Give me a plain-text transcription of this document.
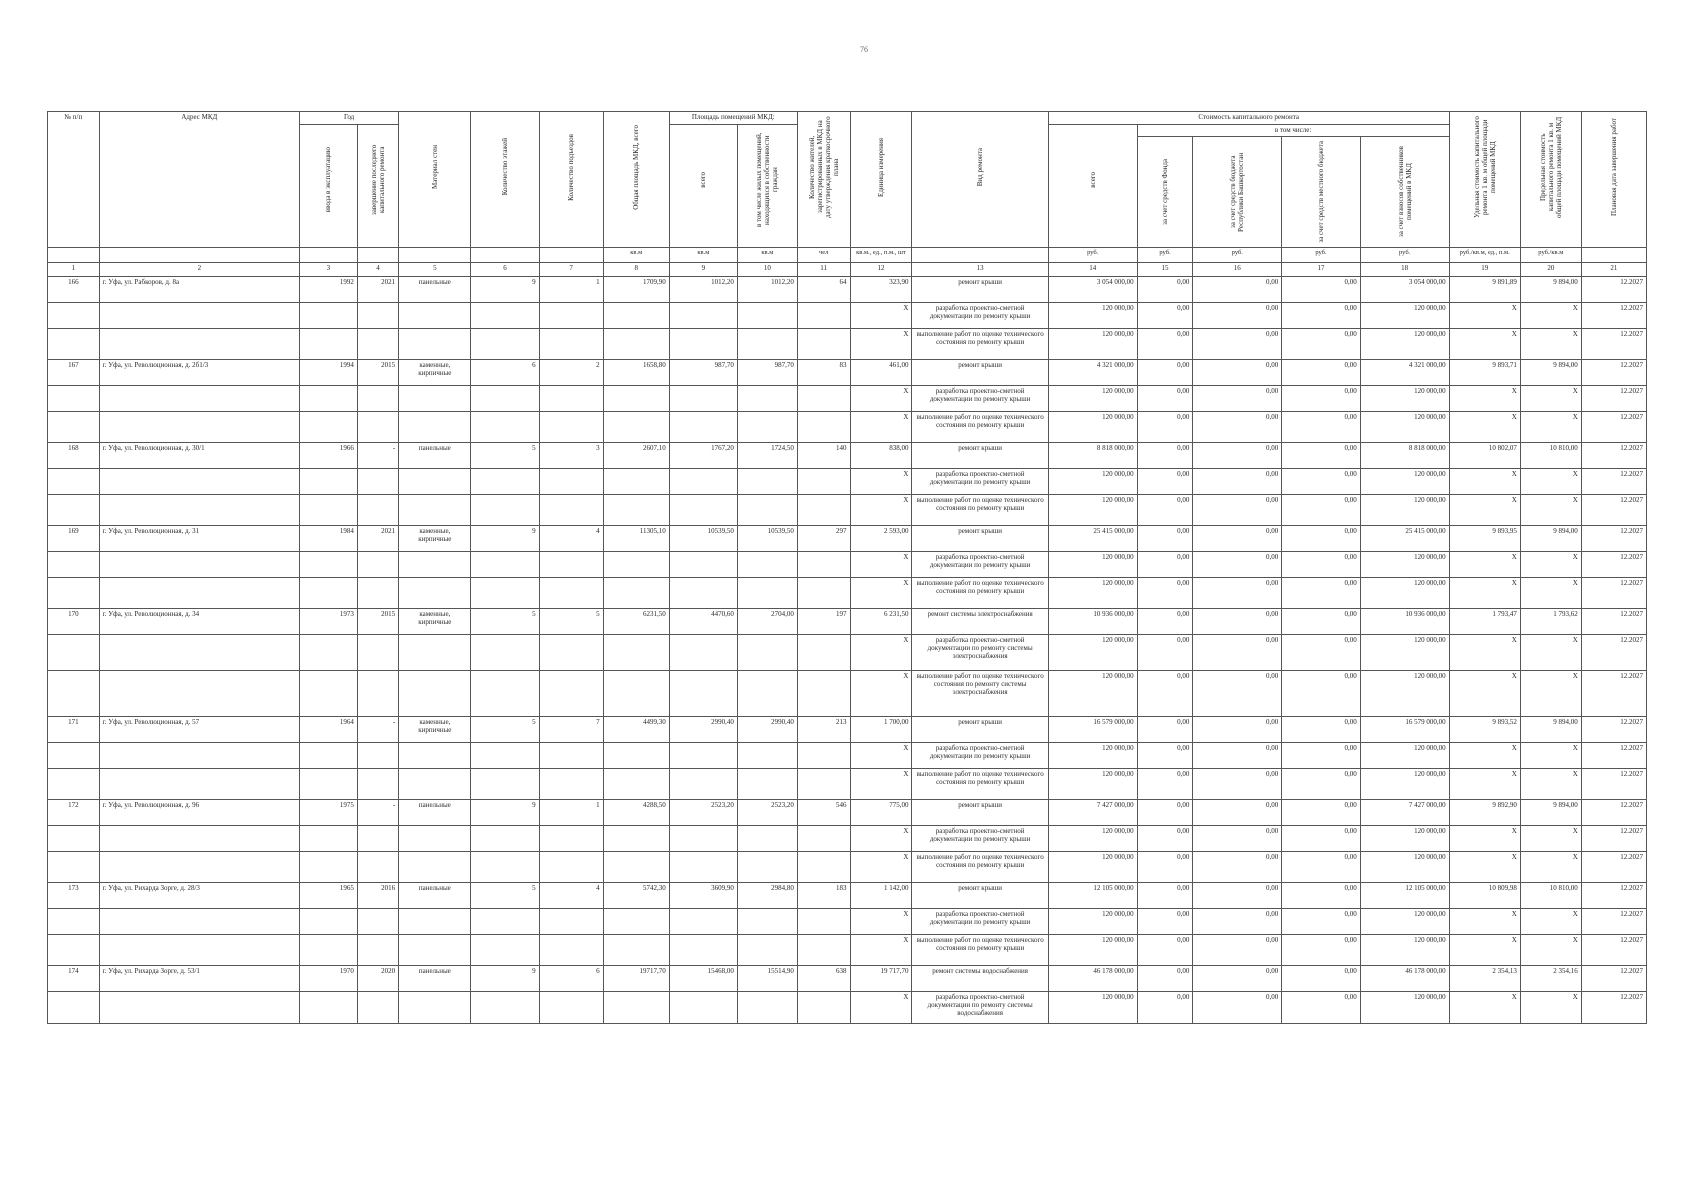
76
№ п/п	Адрес МКД	Год		Материал стен	Количество этажей	Количество подъездов	Общая площадь МКД, всего	Площадь помещений МКД:		Количество жителей, зарегистрированных в МКД на дату утверждения краткосрочного плана	Единица измерения	Вид ремонта	Стоимость капитального ремонта					Удельная стоимость капитального ремонта 1 кв. м общей площади помещений МКД	Предельная стоимость капитального ремонта 1 кв. м общей площади помещений МКД	Плановая дата завершения работ

		ввода в эксплуатацию	завершение последнего капитального ремонта					всего	в том числе жилых помещений, находящихся в собственности граждан				всего	в том числе:						

														за счет средств Фонда	за счет средств бюджета Республики Башкортостан	за счет средств местного бюджета	за счет взносов собственников помещений в МКД			

							кв.м	кв.м	кв.м	чел	кв.м., ед., п.м., шт		руб.	руб.	руб.	руб.	руб.	руб./кв.м, ед., п.м.	руб./кв.м	
1	2	3	4	5	6	7	8	9	10	11	12	13	14	15	16	17	18	19	20	21
166	г. Уфа, ул. Рабкоров, д. 8а	1992	2021	панельные	9	1	1709,90	1012,20	1012,20	64	323,90	ремонт крыши	3 054 000,00	0,00	0,00	0,00	3 054 000,00	9 891,89	9 894,00	12.2027
											X	разработка проектно-сметной документации по ремонту крыши	120 000,00	0,00	0,00	0,00	120 000,00	X	X	12.2027
											X	выполнение работ по оценке технического состояния по ремонту крыши	120 000,00	0,00	0,00	0,00	120 000,00	X	X	12.2027
167	г. Уфа, ул. Революционная, д. 2б1/3	1994	2015	каменные, кирпичные	6	2	1658,80	987,70	987,70	83	461,00	ремонт крыши	4 321 000,00	0,00	0,00	0,00	4 321 000,00	9 893,71	9 894,00	12.2027
											X	разработка проектно-сметной документации по ремонту крыши	120 000,00	0,00	0,00	0,00	120 000,00	X	X	12.2027
											X	выполнение работ по оценке технического состояния по ремонту крыши	120 000,00	0,00	0,00	0,00	120 000,00	X	X	12.2027
168	г. Уфа, ул. Революционная, д. 30/1	1966	-	панельные	5	3	2607,10	1767,20	1724,50	140	838,00	ремонт крыши	8 818 000,00	0,00	0,00	0,00	8 818 000,00	10 802,07	10 810,00	12.2027
											X	разработка проектно-сметной документации по ремонту крыши	120 000,00	0,00	0,00	0,00	120 000,00	X	X	12.2027
											X	выполнение работ по оценке технического состояния по ремонту крыши	120 000,00	0,00	0,00	0,00	120 000,00	X	X	12.2027
169	г. Уфа, ул. Революционная, д. 31	1984	2021	каменные, кирпичные	9	4	11305,10	10539,50	10539,50	297	2 593,00	ремонт крыши	25 415 000,00	0,00	0,00	0,00	25 415 000,00	9 893,95	9 894,00	12.2027
											X	разработка проектно-сметной документации по ремонту крыши	120 000,00	0,00	0,00	0,00	120 000,00	X	X	12.2027
											X	выполнение работ по оценке технического состояния по ремонту крыши	120 000,00	0,00	0,00	0,00	120 000,00	X	X	12.2027
170	г. Уфа, ул. Революционная, д. 34	1973	2015	каменные, кирпичные	5	5	6231,50	4470,60	2704,00	197	6 231,50	ремонт системы электроснабжения	10 936 000,00	0,00	0,00	0,00	10 936 000,00	1 793,47	1 793,62	12.2027
											X	разработка проектно-сметной документации по ремонту системы электроснабжения	120 000,00	0,00	0,00	0,00	120 000,00	X	X	12.2027
											X	выполнение работ по оценке технического состояния по ремонту системы электроснабжения	120 000,00	0,00	0,00	0,00	120 000,00	X	X	12.2027
171	г. Уфа, ул. Революционная, д. 57	1964	-	каменные, кирпичные	5	7	4499,30	2990,40	2990,40	213	1 700,00	ремонт крыши	16 579 000,00	0,00	0,00	0,00	16 579 000,00	9 893,52	9 894,00	12.2027
											X	разработка проектно-сметной документации по ремонту крыши	120 000,00	0,00	0,00	0,00	120 000,00	X	X	12.2027
											X	выполнение работ по оценке технического состояния по ремонту крыши	120 000,00	0,00	0,00	0,00	120 000,00	X	X	12.2027
172	г. Уфа, ул. Революционная, д. 96	1975	-	панельные	9	1	4288,50	2523,20	2523,20	546	775,00	ремонт крыши	7 427 000,00	0,00	0,00	0,00	7 427 000,00	9 892,90	9 894,00	12.2027
											X	разработка проектно-сметной документации по ремонту крыши	120 000,00	0,00	0,00	0,00	120 000,00	X	X	12.2027
											X	выполнение работ по оценке технического состояния по ремонту крыши	120 000,00	0,00	0,00	0,00	120 000,00	X	X	12.2027
173	г. Уфа, ул. Рихарда Зорге, д. 28/3	1965	2016	панельные	5	4	5742,30	3609,90	2984,80	183	1 142,00	ремонт крыши	12 105 000,00	0,00	0,00	0,00	12 105 000,00	10 809,98	10 810,00	12.2027
											X	разработка проектно-сметной документации по ремонту крыши	120 000,00	0,00	0,00	0,00	120 000,00	X	X	12.2027
											X	выполнение работ по оценке технического состояния по ремонту крыши	120 000,00	0,00	0,00	0,00	120 000,00	X	X	12.2027
174	г. Уфа, ул. Рихарда Зорге, д. 53/1	1970	2020	панельные	9	6	19717,70	15468,00	15514,90	638	19 717,70	ремонт системы водоснабжения	46 178 000,00	0,00	0,00	0,00	46 178 000,00	2 354,13	2 354,16	12.2027
											X	разработка проектно-сметной документации по ремонту системы водоснабжения	120 000,00	0,00	0,00	0,00	120 000,00	X	X	12.2027
